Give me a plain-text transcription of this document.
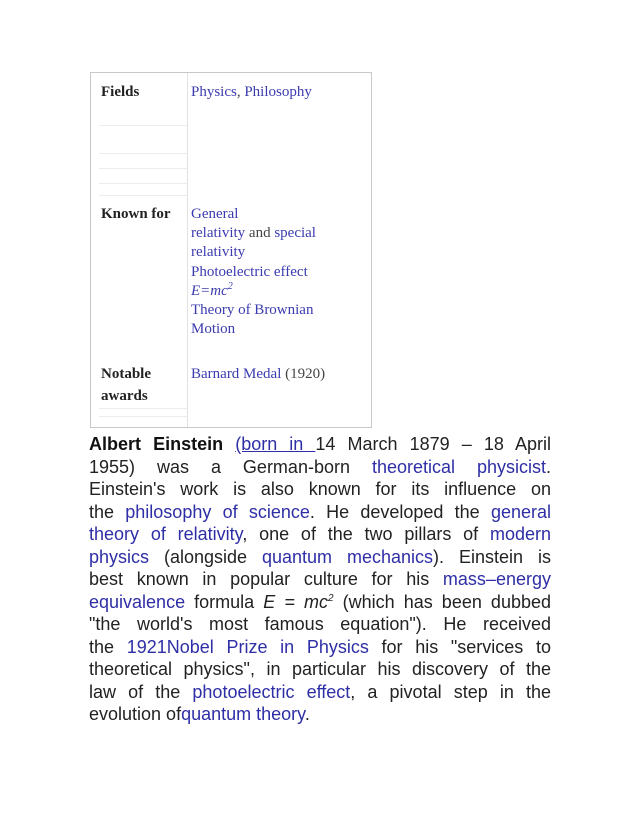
Fields	Physics, Philosophy
Known for General
relativity and special
relativity
Photoelectric effect
$E=mc^2$
Theory of Brownian
Motion
Notable
awards
Barnard Medal (1920)
Albert Einstein (born in 14 March 1879 – 18 April
1955) was a German-born theoretical physicist.
Einstein's work is also known for its influence on
the philosophy of science. He developed the general
theory of relativity, one of the two pillars of modern
physics (alongside quantum mechanics). Einstein is
best known in popular culture for his mass–energy
equivalence formula $E = mc^2$ (which has been dubbed
"the world's most famous equation"). He received
the 1921Nobel Prize in Physics for his "services to
theoretical physics", in particular his discovery of the
law of the photoelectric effect, a pivotal step in the
evolution ofquantum theory.
